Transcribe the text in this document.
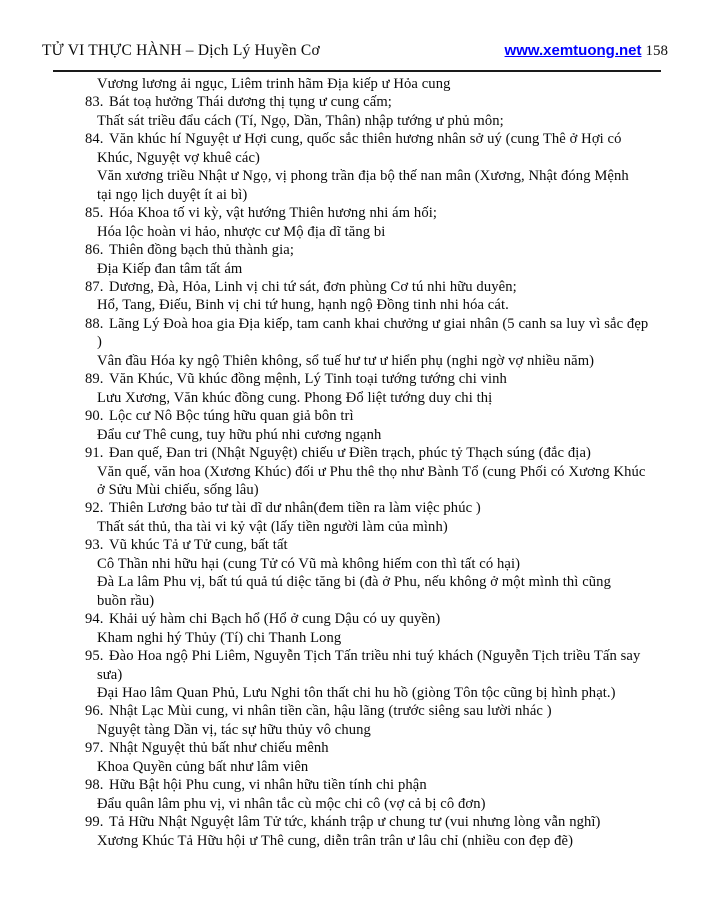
TỬ VI THỰC HÀNH – Dịch Lý Huyền Cơ	www.xemtuong.net 158
Vương lương ải ngục, Liêm trinh hãm Địa kiếp ư Hỏa cung
83. Bát toạ hưởng Thái dương thị tụng ư cung cấm;
Thất sát triều đẩu cách (Tí, Ngọ, Dần, Thân) nhập tướng ư phủ môn;
84. Văn khúc hí Nguyệt ư Hợi cung, quốc sắc thiên hương nhân sở uý (cung Thê ở Hợi có
Khúc, Nguyệt vợ khuê các)
Văn xương triều Nhật ư Ngọ, vị phong trần địa bộ thế nan mân (Xương, Nhật đóng Mệnh
tại ngọ lịch duyệt ít ai bì)
85. Hóa Khoa tố vi kỳ, vật hướng Thiên hương nhi ám hối;
Hóa lộc hoàn vi hảo, nhược cư Mộ địa dĩ tăng bi
86. Thiên đồng bạch thủ thành gia;
Địa Kiếp đan tâm tất ám
87. Dương, Đà, Hỏa, Linh vị chi tứ sát, đơn phùng Cơ tú nhi hữu duyên;
Hổ, Tang, Điếu, Binh vị chi tứ hung, hạnh ngộ Đồng tinh nhi hóa cát.
88. Lãng Lý Đoà hoa gia Địa kiếp, tam canh khai chưởng ư giai nhân (5 canh sa luy vì sắc đẹp
)
Vân đầu Hóa ky ngộ Thiên không, sổ tuế hư tư ư hiển phụ (nghi ngờ vợ nhiều năm)
89. Văn Khúc, Vũ khúc đồng mệnh, Lý Tinh toại tướng tướng chi vinh
Lưu Xương, Văn khúc đồng cung. Phong Đổ liệt tướng duy chi thị
90. Lộc cư Nô Bộc túng hữu quan giả bôn trì
Đẩu cư Thê cung, tuy hữu phú nhi cương ngạnh
91. Đan quế, Đan tri (Nhật Nguyệt) chiếu ư Điền trạch, phúc tỷ Thạch súng (đắc địa)
Văn quế, văn hoa (Xương Khúc) đối ư Phu thê thọ như Bành Tổ (cung Phối có Xương Khúc
ở Sửu Mùi chiếu, sống lâu)
92. Thiên Lương bảo tư tài dĩ dư nhân(đem tiền ra làm việc phúc )
Thất sát thủ, tha tài vi kỷ vật (lấy tiền người làm của mình)
93. Vũ khúc Tả ư Tử cung, bất tất
Cô Thần nhi hữu hại (cung Tử có Vũ mà không hiếm con thì tất có hại)
Đà La lâm Phu vị, bất tú quả tú diệc tăng bi (đà ở Phu, nếu không ở một mình thì cũng
buồn rầu)
94. Khải uý hàm chi Bạch hổ (Hổ ở cung Dậu có uy quyền)
Kham nghi hý Thủy (Tí) chi Thanh Long
95. Đào Hoa ngộ Phi Liêm, Nguyễn Tịch Tấn triều nhi tuý khách (Nguyễn Tịch triều Tấn say
sưa)
Đại Hao lâm Quan Phủ, Lưu Nghi tôn thất chi hu hồ (giòng Tôn tộc cũng bị hình phạt.)
96. Nhật Lạc Mùi cung, vi nhân tiền cần, hậu lãng (trước siêng sau lười nhác )
Nguyệt tàng Dần vị, tác sự hữu thủy vô chung
97. Nhật Nguyệt thủ bất như chiếu mênh
Khoa Quyền củng bất như lâm viên
98. Hữu Bật hội Phu cung, vi nhân hữu tiền tính chi phận
Đẩu quân lâm phu vị, vi nhân tắc cù mộc chi cô (vợ cả bị cô đơn)
99. Tả Hữu Nhật Nguyệt lâm Tử tức, khánh trập ư chung tư (vui nhưng lòng vẫn nghĩ)
Xương Khúc Tả Hữu hội ư Thê cung, diễn trân trân ư lâu chỉ (nhiều con đẹp đẽ)
